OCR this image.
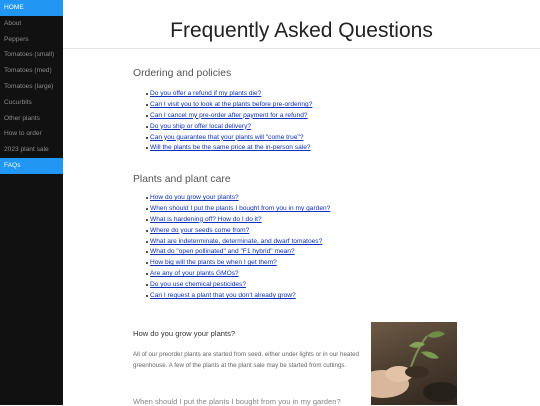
HOME
About
Peppers
Tomatoes (small)
Tomatoes (med)
Tomatoes (large)
Cucurbits
Other plants
How to order
2023 plant sale
FAQs
Frequently Asked Questions
Ordering and policies
Do you offer a refund if my plants die?
Can I visit you to look at the plants before pre-ordering?
Can I cancel my pre-order after payment for a refund?
Do you ship or offer local delivery?
Can you guarantee that your plants will "come true"?
Will the plants be the same price at the in-person sale?
Plants and plant care
How do you grow your plants?
When should I put the plants I bought from you in my garden?
What is hardening off? How do I do it?
Where do your seeds come from?
What are indeterminate, determinate, and dwarf tomatoes?
What do "open pollinated" and "F1 hybrid" mean?
How big will the plants be when I get them?
Are any of your plants GMOs?
Do you use chemical pesticides?
Can I request a plant that you don't already grow?
How do you grow your plants?

All of our preorder plants are started from seed, either under lights or in our heated greenhouse. A few of the plants at the plant sale may be started from cuttings.

When should I put the plants I bought from you in my garden?
